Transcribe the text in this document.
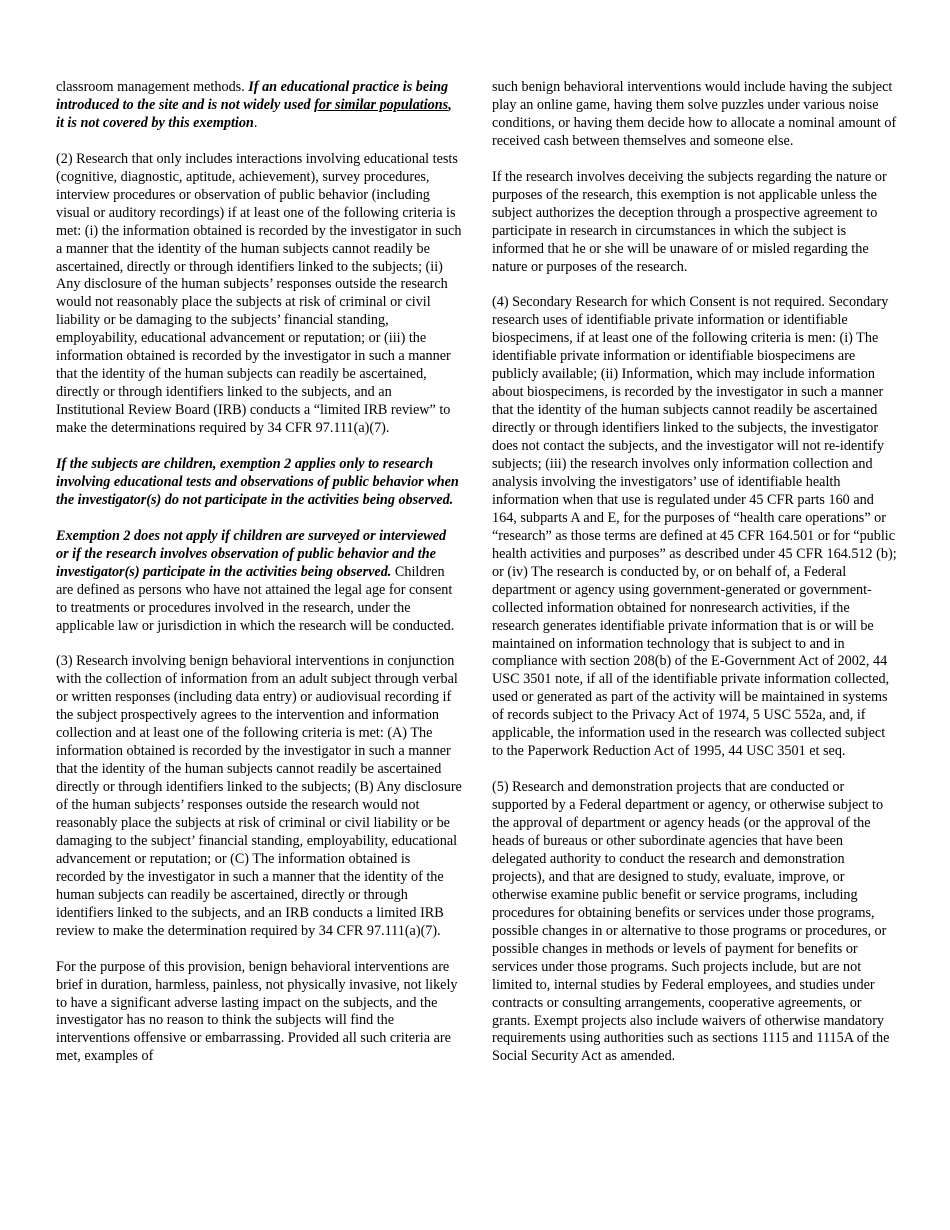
classroom management methods. If an educational practice is being introduced to the site and is not widely used for similar populations, it is not covered by this exemption.

(2) Research that only includes interactions involving educational tests (cognitive, diagnostic, aptitude, achievement), survey procedures, interview procedures or observation of public behavior (including visual or auditory recordings) if at least one of the following criteria is met: (i) the information obtained is recorded by the investigator in such a manner that the identity of the human subjects cannot readily be ascertained, directly or through identifiers linked to the subjects; (ii) Any disclosure of the human subjects’ responses outside the research would not reasonably place the subjects at risk of criminal or civil liability or be damaging to the subjects’ financial standing, employability, educational advancement or reputation; or (iii) the information obtained is recorded by the investigator in such a manner that the identity of the human subjects can readily be ascertained, directly or through identifiers linked to the subjects, and an Institutional Review Board (IRB) conducts a “limited IRB review” to make the determinations required by 34 CFR 97.111(a)(7).

If the subjects are children, exemption 2 applies only to research involving educational tests and observations of public behavior when the investigator(s) do not participate in the activities being observed.

Exemption 2 does not apply if children are surveyed or interviewed or if the research involves observation of public behavior and the investigator(s) participate in the activities being observed. Children are defined as persons who have not attained the legal age for consent to treatments or procedures involved in the research, under the applicable law or jurisdiction in which the research will be conducted.

(3) Research involving benign behavioral interventions in conjunction with the collection of information from an adult subject through verbal or written responses (including data entry) or audiovisual recording if the subject prospectively agrees to the intervention and information collection and at least one of the following criteria is met: (A) The information obtained is recorded by the investigator in such a manner that the identity of the human subjects cannot readily be ascertained directly or through identifiers linked to the subjects; (B) Any disclosure of the human subjects’ responses outside the research would not reasonably place the subjects at risk of criminal or civil liability or be damaging to the subject’ financial standing, employability, educational advancement or reputation; or (C) The information obtained is recorded by the investigator in such a manner that the identity of the human subjects can readily be ascertained, directly or through identifiers linked to the subjects, and an IRB conducts a limited IRB review to make the determination required by 34 CFR 97.111(a)(7).

For the purpose of this provision, benign behavioral interventions are brief in duration, harmless, painless, not physically invasive, not likely to have a significant adverse lasting impact on the subjects, and the investigator has no reason to think the subjects will find the interventions offensive or embarrassing. Provided all such criteria are met, examples of

such benign behavioral interventions would include having the subject play an online game, having them solve puzzles under various noise conditions, or having them decide how to allocate a nominal amount of received cash between themselves and someone else.

If the research involves deceiving the subjects regarding the nature or purposes of the research, this exemption is not applicable unless the subject authorizes the deception through a prospective agreement to participate in research in circumstances in which the subject is informed that he or she will be unaware of or misled regarding the nature or purposes of the research.

(4) Secondary Research for which Consent is not required. Secondary research uses of identifiable private information or identifiable biospecimens, if at least one of the following criteria is men: (i) The identifiable private information or identifiable biospecimens are publicly available; (ii) Information, which may include information about biospecimens, is recorded by the investigator in such a manner that the identity of the human subjects cannot readily be ascertained directly or through identifiers linked to the subjects, the investigator does not contact the subjects, and the investigator will not re-identify subjects; (iii) the research involves only information collection and analysis involving the investigators’ use of identifiable health information when that use is regulated under 45 CFR parts 160 and 164, subparts A and E, for the purposes of “health care operations” or “research” as those terms are defined at 45 CFR 164.501 or for “public health activities and purposes” as described under 45 CFR 164.512 (b); or (iv) The research is conducted by, or on behalf of, a Federal department or agency using government-generated or government-collected information obtained for nonresearch activities, if the research generates identifiable private information that is or will be maintained on information technology that is subject to and in compliance with section 208(b) of the E-Government Act of 2002, 44 USC 3501 note, if all of the identifiable private information collected, used or generated as part of the activity will be maintained in systems of records subject to the Privacy Act of 1974, 5 USC 552a, and, if applicable, the information used in the research was collected subject to the Paperwork Reduction Act of 1995, 44 USC 3501 et seq.

(5) Research and demonstration projects that are conducted or supported by a Federal department or agency, or otherwise subject to the approval of department or agency heads (or the approval of the heads of bureaus or other subordinate agencies that have been delegated authority to conduct the research and demonstration projects), and that are designed to study, evaluate, improve, or otherwise examine public benefit or service programs, including procedures for obtaining benefits or services under those programs, possible changes in or alternative to those programs or procedures, or possible changes in methods or levels of payment for benefits or services under those programs. Such projects include, but are not limited to, internal studies by Federal employees, and studies under contracts or consulting arrangements, cooperative agreements, or grants. Exempt projects also include waivers of otherwise mandatory requirements using authorities such as sections 1115 and 1115A of the Social Security Act as amended.
